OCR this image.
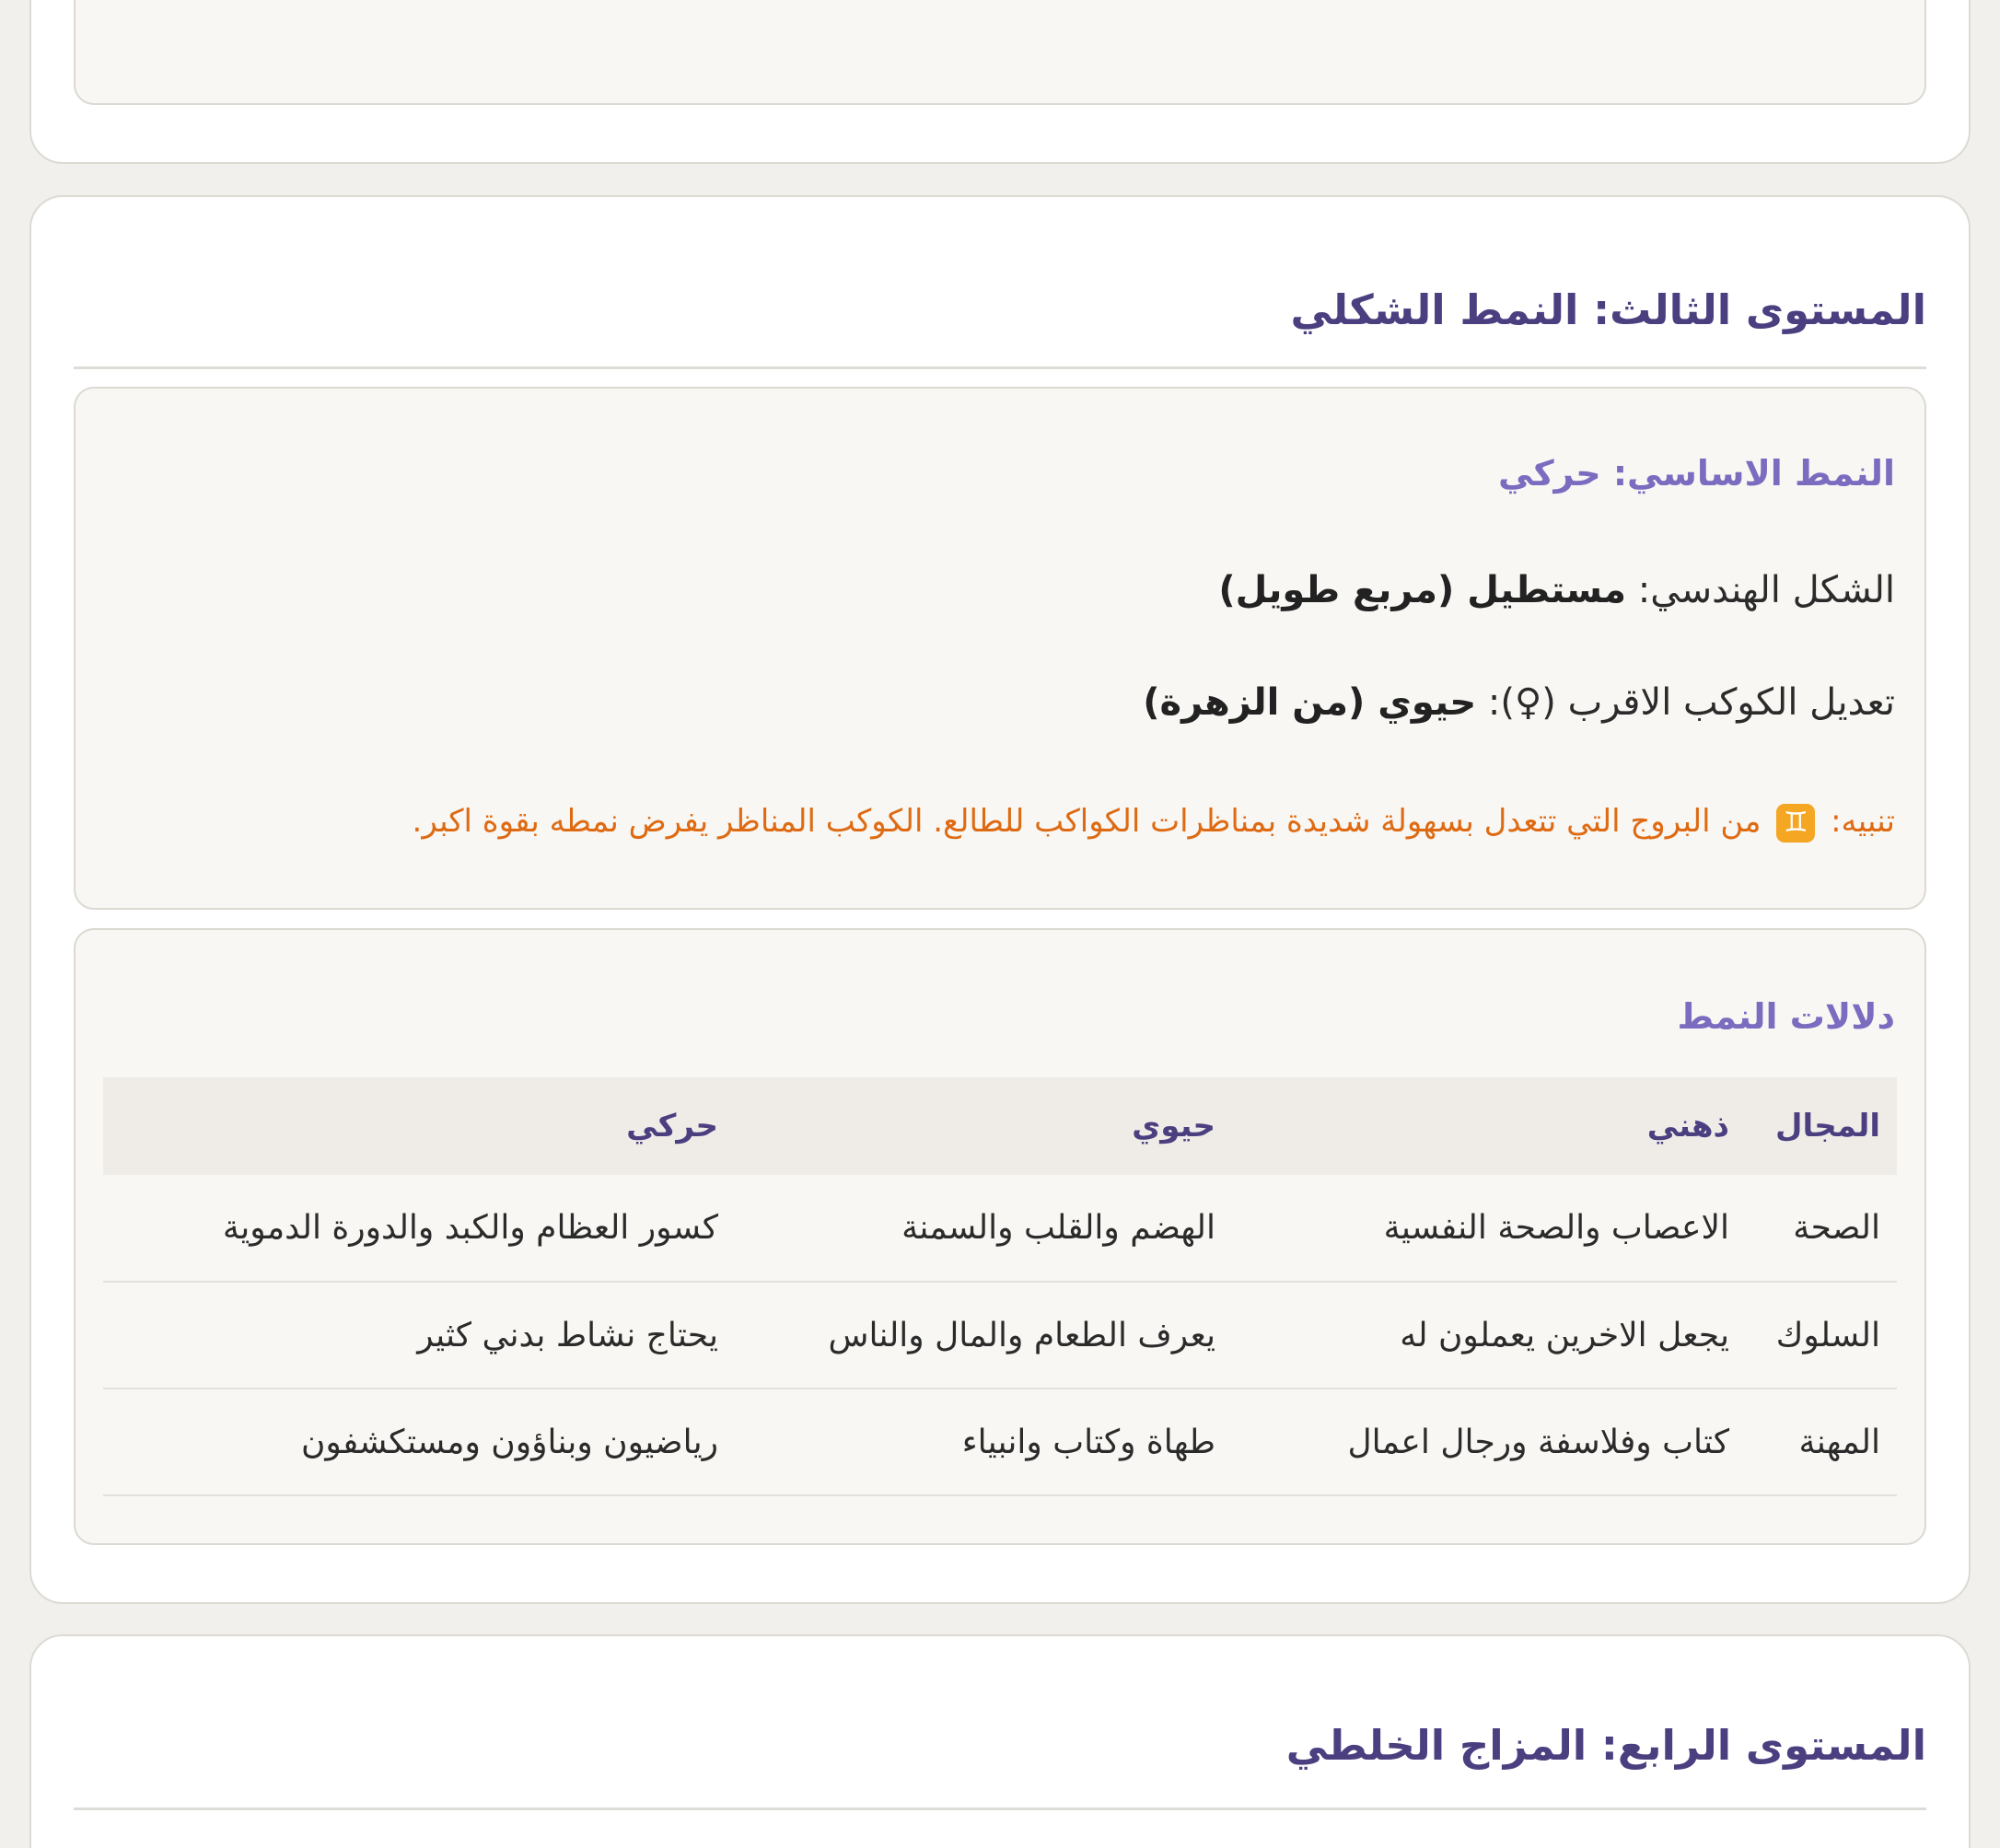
المستوى الثالث: النمط الشكلي
النمط الاساسي: حركي
الشكل الهندسي: مستطيل (مربع طويل)
تعديل الكوكب الاقرب (♀): حيوي (من الزهرة)
تنبيه: ♊ من البروج التي تتعدل بسهولة شديدة بمناظرات الكواكب للطالع. الكوكب المناظر يفرض نمطه بقوة اكبر.
دلالات النمط
المجال	ذهني	حيوي	حركي
الصحة	الاعصاب والصحة النفسية	الهضم والقلب والسمنة	كسور العظام والكبد والدورة الدموية
السلوك	يجعل الاخرين يعملون له	يعرف الطعام والمال والناس	يحتاج نشاط بدني كثير
المهنة	كتاب وفلاسفة ورجال اعمال	طهاة وكتاب وانبياء	رياضيون وبناؤون ومستكشفون
المستوى الرابع: المزاج الخلطي
